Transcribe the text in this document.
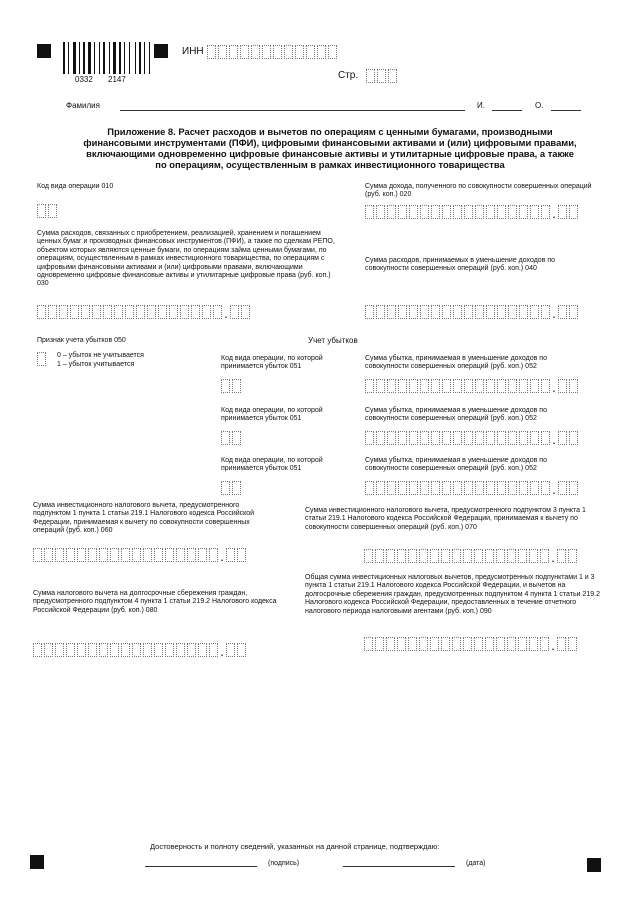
0332 2147
ИНН
Стр.
Фамилия	И.	О.
Приложение 8. Расчет расходов и вычетов по операциям с ценными бумагами, производными финансовыми инструментами (ПФИ), цифровыми финансовыми активами и (или) цифровыми правами, включающими одновременно цифровые финансовые активы и утилитарные цифровые права, а также по операциям, осуществленным в рамках инвестиционного товарищества
Код вида операции 010	Сумма дохода, полученного по совокупности совершенных операций (руб. коп.) 020
.
Сумма расходов, связанных с приобретением, реализацией, хранением и погашением ценных бумаг и производных финансовых инструментов (ПФИ), а также по сделкам РЕПО, объектом которых являются ценные бумаги, по операциям займа ценными бумагами, по операциям, осуществленным в рамках инвестиционного товарищества, по операциям с цифровыми финансовыми активами и (или) цифровыми правами, включающими одновременно цифровые финансовые активы и утилитарные цифровые права (руб. коп.) 030
.
Сумма расходов, принимаемых в уменьшение доходов по совокупности совершенных операций (руб. коп.) 040
.
Признак учета убытков 050
0 – убыток не учитывается
1 – убыток учитывается
Учет убытков
Код вида операции, по которой принимается убыток 051
Сумма убытка, принимаемая в уменьшение доходов по совокупности совершенных операций (руб. коп.) 052
.
Код вида операции, по которой принимается убыток 051
Сумма убытка, принимаемая в уменьшение доходов по совокупности совершенных операций (руб. коп.) 052
.
Код вида операции, по которой принимается убыток 051
Сумма убытка, принимаемая в уменьшение доходов по совокупности совершенных операций (руб. коп.) 052
.
Сумма инвестиционного налогового вычета, предусмотренного подпунктом 1 пункта 1 статьи 219.1 Налогового кодекса Российской Федерации, принимаемая к вычету по совокупности совершенных операций (руб. коп.) 060
.
Сумма инвестиционного налогового вычета, предусмотренного подпунктом 3 пункта 1 статьи 219.1 Налогового кодекса Российской Федерации, принимаемая к вычету по совокупности совершенных операций (руб. коп.) 070
.
Сумма налогового вычета на долгосрочные сбережения граждан, предусмотренного подпунктом 4 пункта 1 статьи 219.2 Налогового кодекса Российской Федерации (руб. коп.) 080
.
Общая сумма инвестиционных налоговых вычетов, предусмотренных подпунктами 1 и 3 пункта 1 статьи 219.1 Налогового кодекса Российской Федерации, и вычетов на долгосрочные сбережения граждан, предусмотренных подпунктом 4 пункта 1 статьи 219.2 Налогового кодекса Российской Федерации, предоставленных в течение отчетного налогового периода налоговыми агентами (руб. коп.) 090
.
Достоверность и полноту сведений, указанных на данной странице, подтверждаю:
(подпись)	(дата)
